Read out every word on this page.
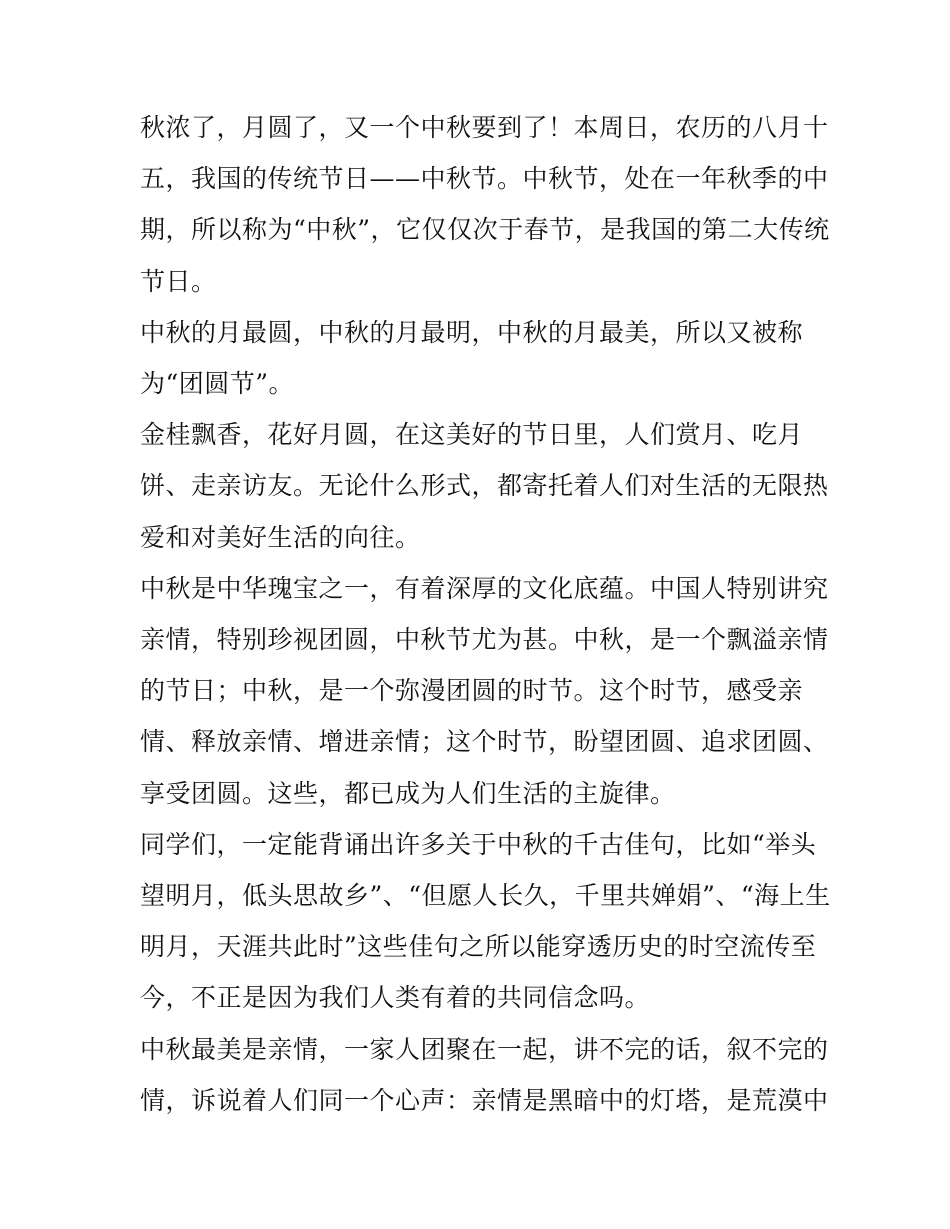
秋浓了，月圆了，又一个中秋要到了！本周日，农历的八月十
五，我国的传统节日——中秋节。中秋节，处在一年秋季的中
期，所以称为“中秋”，它仅仅次于春节，是我国的第二大传统
节日。

中秋的月最圆，中秋的月最明，中秋的月最美，所以又被称
为“团圆节”。

金桂飘香，花好月圆，在这美好的节日里，人们赏月、吃月
饼、走亲访友。无论什么形式，都寄托着人们对生活的无限热
爱和对美好生活的向往。

中秋是中华瑰宝之一，有着深厚的文化底蕴。中国人特别讲究
亲情，特别珍视团圆，中秋节尤为甚。中秋，是一个飘溢亲情
的节日；中秋，是一个弥漫团圆的时节。这个时节，感受亲
情、释放亲情、增进亲情；这个时节，盼望团圆、追求团圆、
享受团圆。这些，都已成为人们生活的主旋律。

同学们，一定能背诵出许多关于中秋的千古佳句，比如“举头
望明月，低头思故乡”、“但愿人长久，千里共婵娟”、“海上生
明月，天涯共此时”这些佳句之所以能穿透历史的时空流传至
今，不正是因为我们人类有着的共同信念吗。

中秋最美是亲情，一家人团聚在一起，讲不完的话，叙不完的
情，诉说着人们同一个心声：亲情是黑暗中的灯塔，是荒漠中
